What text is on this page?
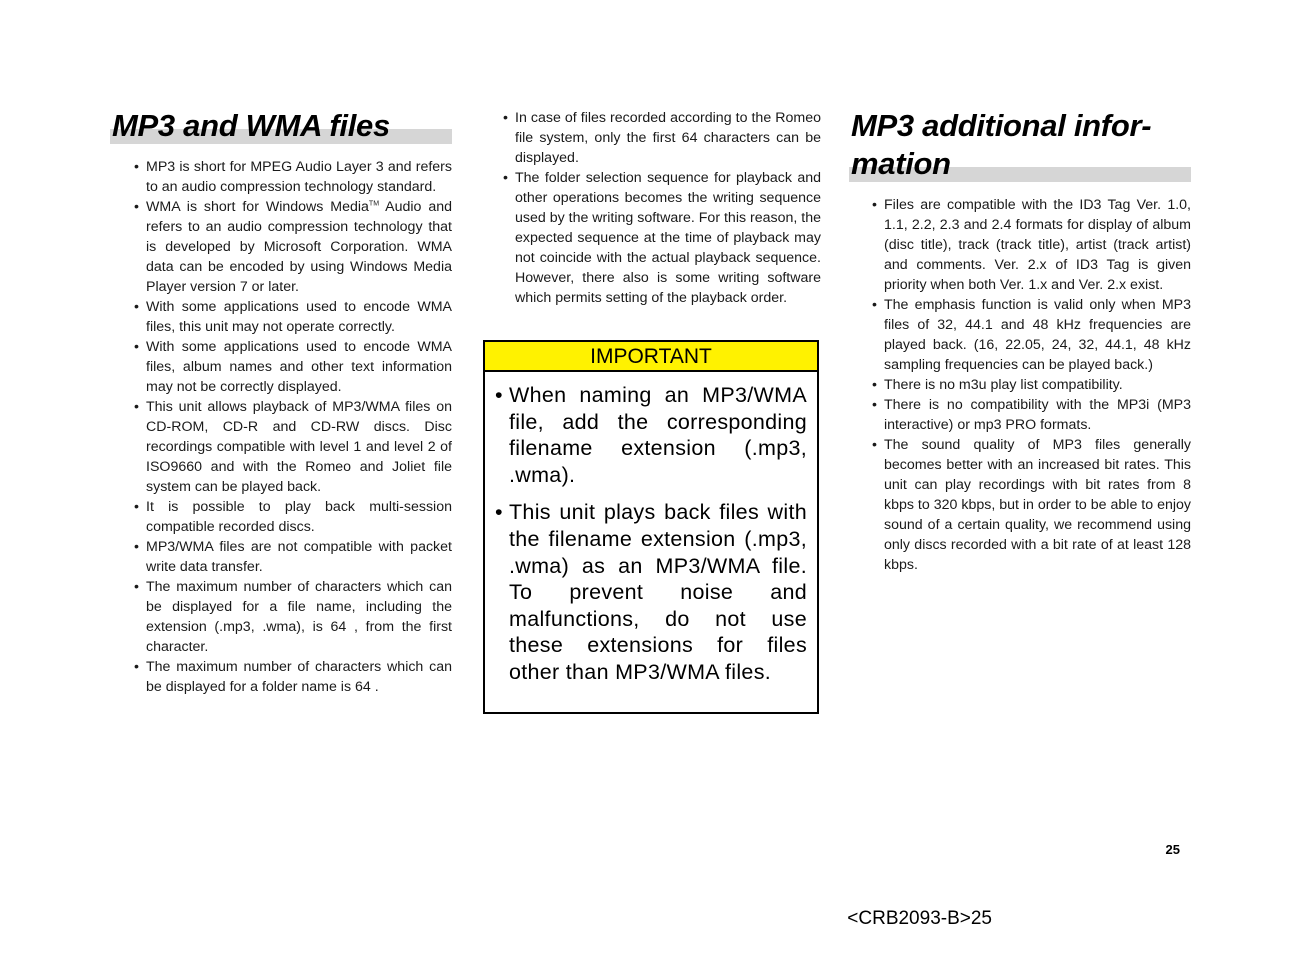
MP3 and WMA files
• MP3 is short for MPEG Audio Layer 3 and refers to an audio compression technology standard.
• WMA is short for Windows Media™ Audio and refers to an audio compression technology that is developed by Microsoft Corporation. WMA data can be encoded by using Windows Media Player version 7 or later.
• With some applications used to encode WMA files, this unit may not operate correctly.
• With some applications used to encode WMA files, album names and other text information may not be correctly displayed.
• This unit allows playback of MP3/WMA files on CD-ROM, CD-R and CD-RW discs. Disc recordings compatible with level 1 and level 2 of ISO9660 and with the Romeo and Joliet file system can be played back.
• It is possible to play back multi-session compatible recorded discs.
• MP3/WMA files are not compatible with packet write data transfer.
• The maximum number of characters which can be displayed for a file name, including the extension (.mp3, .wma), is 64 , from the first character.
• The maximum number of characters which can be displayed for a folder name is 64 .
• In case of files recorded according to the Romeo file system, only the first 64 characters can be displayed.
• The folder selection sequence for playback and other operations becomes the writing sequence used by the writing software. For this reason, the expected sequence at the time of playback may not coincide with the actual playback sequence. However, there also is some writing software which permits setting of the playback order.
IMPORTANT
• When naming an MP3/WMA file, add the corresponding filename extension (.mp3, .wma).
• This unit plays back files with the filename extension (.mp3, .wma) as an MP3/WMA file. To prevent noise and malfunctions, do not use these extensions for files other than MP3/WMA files.
MP3 additional infor-
mation
• Files are compatible with the ID3 Tag Ver. 1.0, 1.1, 2.2, 2.3 and 2.4 formats for display of album (disc title), track (track title), artist (track artist) and comments. Ver. 2.x of ID3 Tag is given priority when both Ver. 1.x and Ver. 2.x exist.
• The emphasis function is valid only when MP3 files of 32, 44.1 and 48 kHz frequencies are played back. (16, 22.05, 24, 32, 44.1, 48 kHz sampling frequencies can be played back.)
• There is no m3u play list compatibility.
• There is no compatibility with the MP3i (MP3 interactive) or mp3 PRO formats.
• The sound quality of MP3 files generally becomes better with an increased bit rates. This unit can play recordings with bit rates from 8 kbps to 320 kbps, but in order to be able to enjoy sound of a certain quality, we recommend using only discs recorded with a bit rate of at least 128 kbps.
25
<CRB2093-B>25
